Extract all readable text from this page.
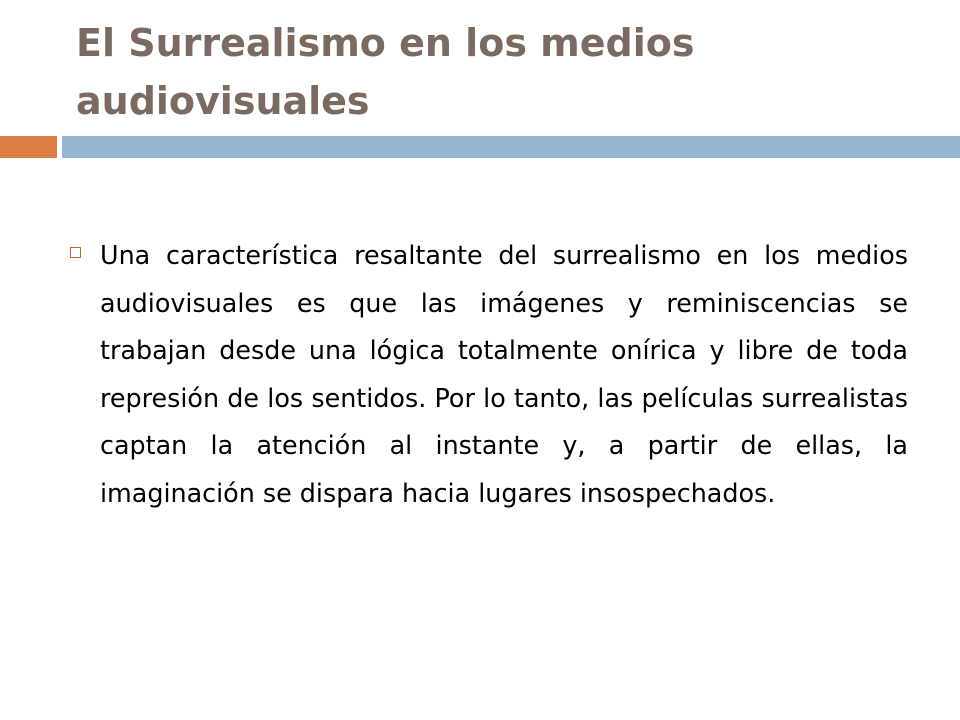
El Surrealismo en los medios audiovisuales

Una característica resaltante del surrealismo en los medios audiovisuales es que las imágenes y reminiscencias se trabajan desde una lógica totalmente onírica y libre de toda represión de los sentidos. Por lo tanto, las películas surrealistas captan la atención al instante y, a partir de ellas, la imaginación se dispara hacia lugares insospechados.
